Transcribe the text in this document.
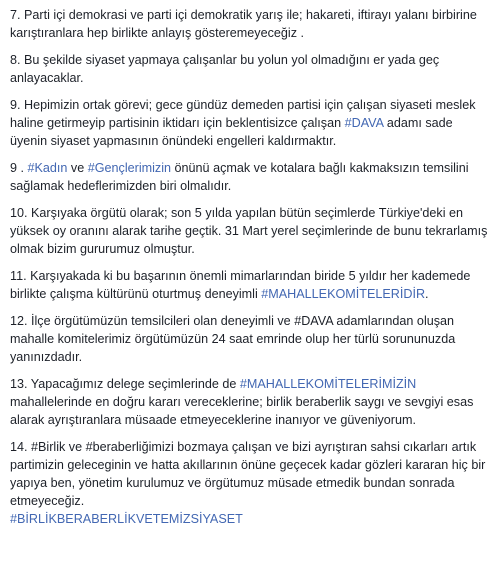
7. Parti içi demokrasi ve parti içi demokratik yarış ile; hakareti, iftirayı yalanı birbirine karıştıranlara hep birlikte anlayış gösteremeyeceğiz .

8. Bu şekilde siyaset yapmaya çalışanlar bu yolun yol olmadığını er yada geç anlayacaklar.

9. Hepimizin ortak görevi; gece gündüz demeden partisi için çalışan siyaseti meslek haline getirmeyip partisinin iktidarı için beklentisizce çalışan #DAVA adamı sade üyenin siyaset yapmasının önündeki engelleri kaldırmaktır.

9 . #Kadın ve #Gençlerimizin önünü açmak ve kotalara bağlı kakmaksızın temsilini sağlamak hedeflerimizden biri olmalıdır.

10. Karşıyaka örgütü olarak; son 5 yılda yapılan bütün seçimlerde Türkiye'deki en yüksek oy oranını alarak tarihe geçtik. 31 Mart yerel seçimlerinde de bunu tekrarlamış olmak bizim gururumuz olmuştur.

11. Karşıyakada ki bu başarının önemli mimarlarından biride 5 yıldır her kademede birlikte çalışma kültürünü oturtmuş deneyimli #MAHALLEKOMİTELERİDİR.

12. İlçe örgütümüzün temsilcileri olan deneyimli ve #DAVA adamlarından oluşan mahalle komitelerimiz örgütümüzün 24 saat emrinde olup her türlü sorununuzda yanınızdadır.

13. Yapacağımız delege seçimlerinde de #MAHALLEKOMİTELERİMİZİN mahallelerinde en doğru kararı vereceklerine; birlik beraberlik saygı ve sevgiyi esas alarak ayrıştıranlara müsaade etmeyeceklerine inanıyor ve güveniyorum.

14. #Birlik ve #beraberliğimizi bozmaya çalışan ve bizi ayrıştıran sahsi cıkarları artık partimizin geleceginin ve hatta akıllarının önüne geçecek kadar gözleri kararan hiç bir yapıya ben, yönetim kurulumuz ve örgütumuz müsade etmedik bundan sonrada etmeyeceğiz.
#BİRLİKBERABERLİKVETEMİZSİYASET
